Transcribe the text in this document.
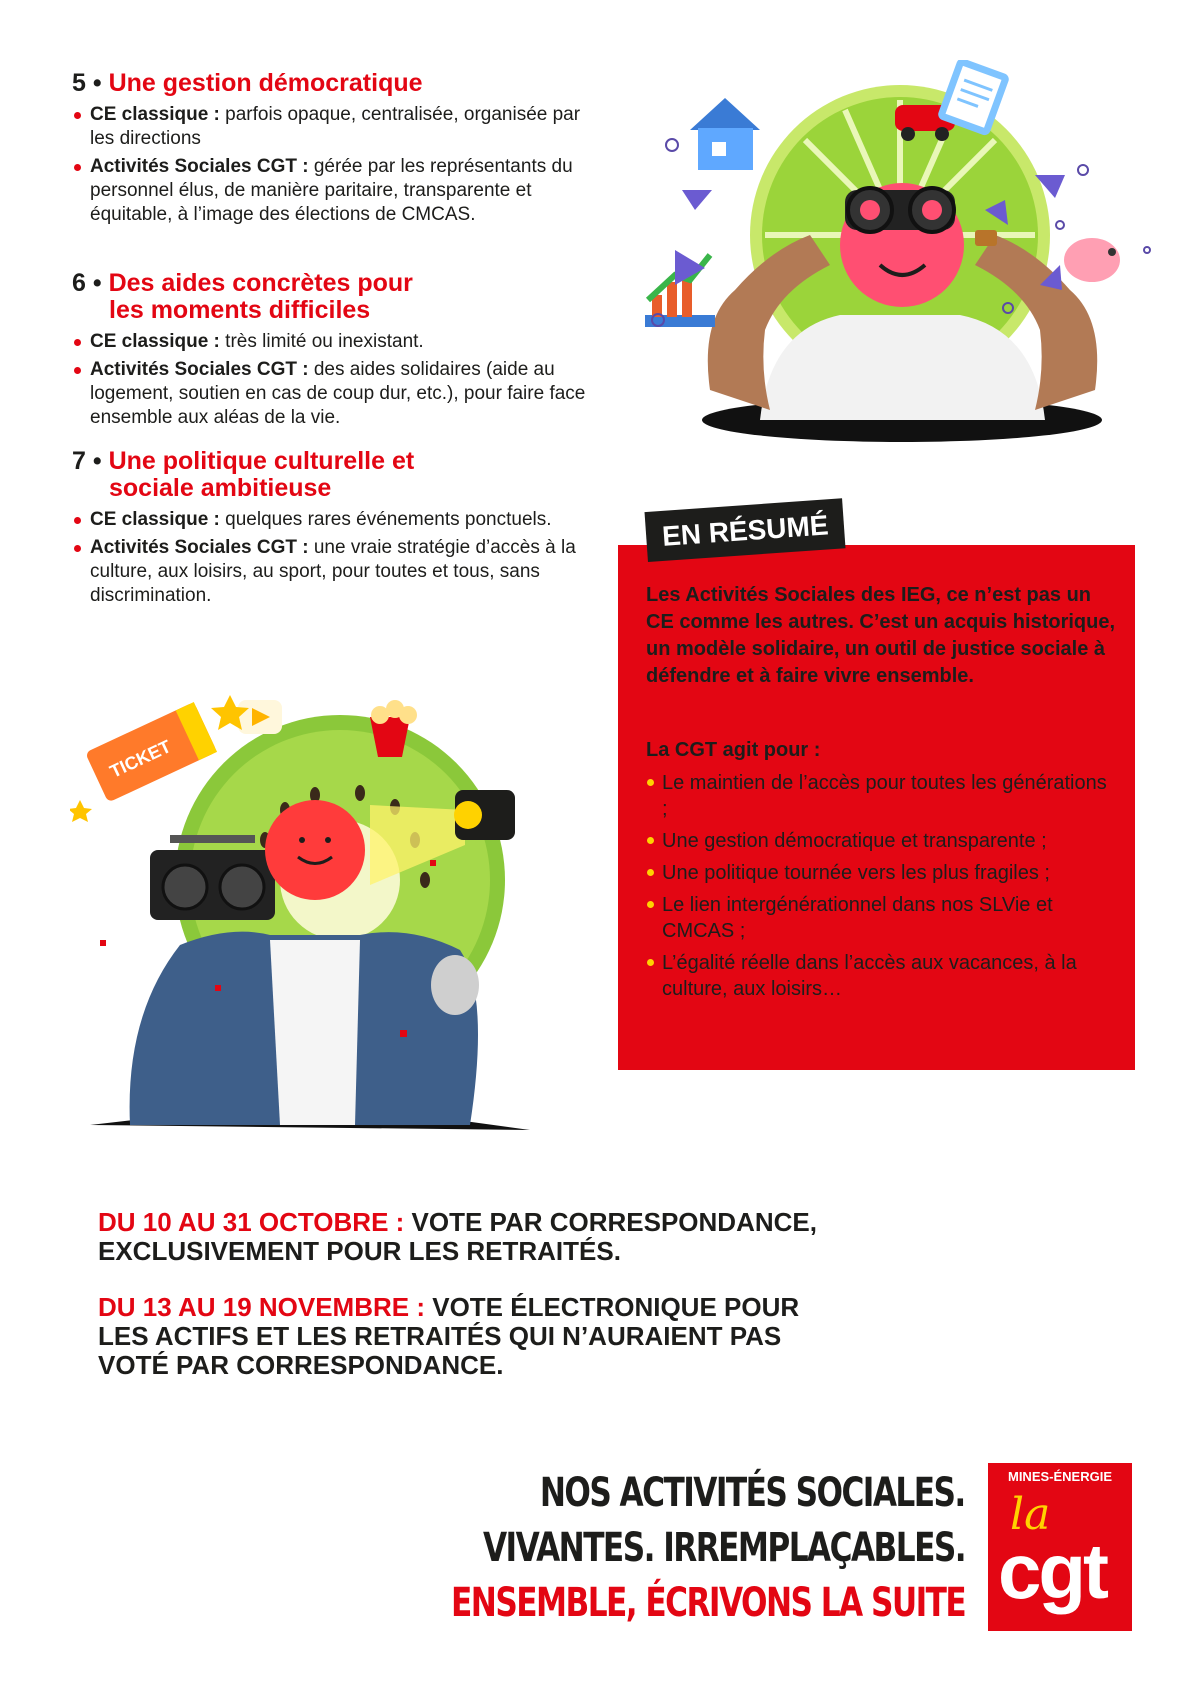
5 • Une gestion démocratique
CE classique : parfois opaque, centralisée, organisée par les directions
Activités Sociales CGT : gérée par les représentants du personnel élus, de manière paritaire, transparente et équitable, à l’image des élections de CMCAS.
6 • Des aides concrètes pour
les moments difficiles
CE classique : très limité ou inexistant.
Activités Sociales CGT : des aides solidaires (aide au logement, soutien en cas de coup dur, etc.), pour faire face ensemble aux aléas de la vie.
7 • Une politique culturelle et
sociale ambitieuse
CE classique : quelques rares événements ponctuels.
Activités Sociales CGT : une vraie stratégie d’accès à la culture, aux loisirs, au sport, pour toutes et tous, sans discrimination.
TICKET
EN RÉSUMÉ
Les Activités Sociales des IEG, ce n’est pas un CE comme les autres. C’est un acquis historique, un modèle solidaire, un outil de justice sociale à défendre et à faire vivre ensemble.
La CGT agit pour :
Le maintien de l’accès pour toutes les générations ;
Une gestion démocratique et transparente ;
Une politique tournée vers les plus fragiles ;
Le lien intergénérationnel dans nos SLVie et CMCAS ;
L’égalité réelle dans l’accès aux vacances, à la culture, aux loisirs…
DU 10 AU 31 OCTOBRE : VOTE PAR CORRESPONDANCE,
EXCLUSIVEMENT POUR LES RETRAITÉS.
DU 13 AU 19 NOVEMBRE : VOTE ÉLECTRONIQUE POUR
LES ACTIFS ET LES RETRAITÉS QUI N’AURAIENT PAS
VOTÉ PAR CORRESPONDANCE.
NOS ACTIVITÉS SOCIALES.
VIVANTES. IRREMPLAÇABLES.
ENSEMBLE, ÉCRIVONS LA SUITE
MINES-ÉNERGIE
la
cgt
